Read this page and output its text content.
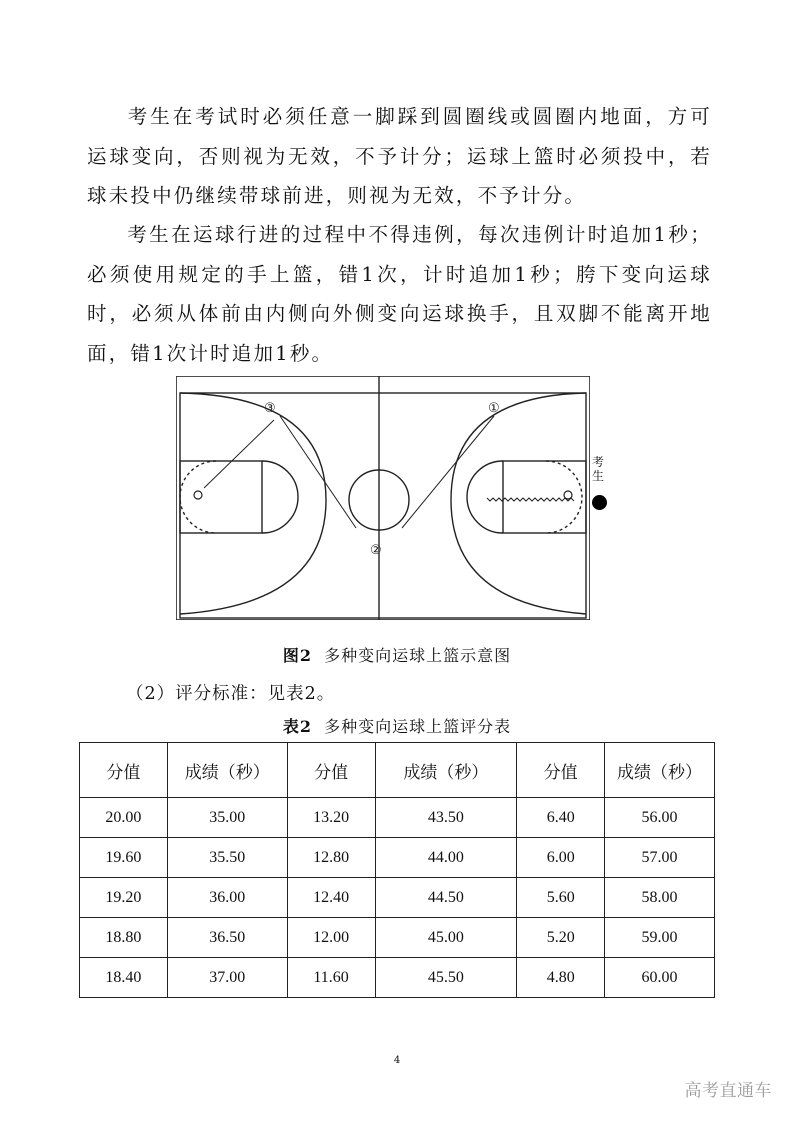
考生在考试时必须任意一脚踩到圆圈线或圆圈内地面，方可运球变向，否则视为无效，不予计分；运球上篮时必须投中，若球未投中仍继续带球前进，则视为无效，不予计分。

考生在运球行进的过程中不得违例，每次违例计时追加1秒；必须使用规定的手上篮，错1次，计时追加1秒；胯下变向运球时，必须从体前由内侧向外侧变向运球换手，且双脚不能离开地面，错1次计时追加1秒。

①
②
③
考生
图2 多种变向运球上篮示意图
（2）评分标准：见表2。
表2 多种变向运球上篮评分表
分值	成绩（秒）	分值	成绩（秒）	分值	成绩（秒）
20.00	35.00	13.20	43.50	6.40	56.00
19.60	35.50	12.80	44.00	6.00	57.00
19.20	36.00	12.40	44.50	5.60	58.00
18.80	36.50	12.00	45.00	5.20	59.00
18.40	37.00	11.60	45.50	4.80	60.00
4
高考直通车
